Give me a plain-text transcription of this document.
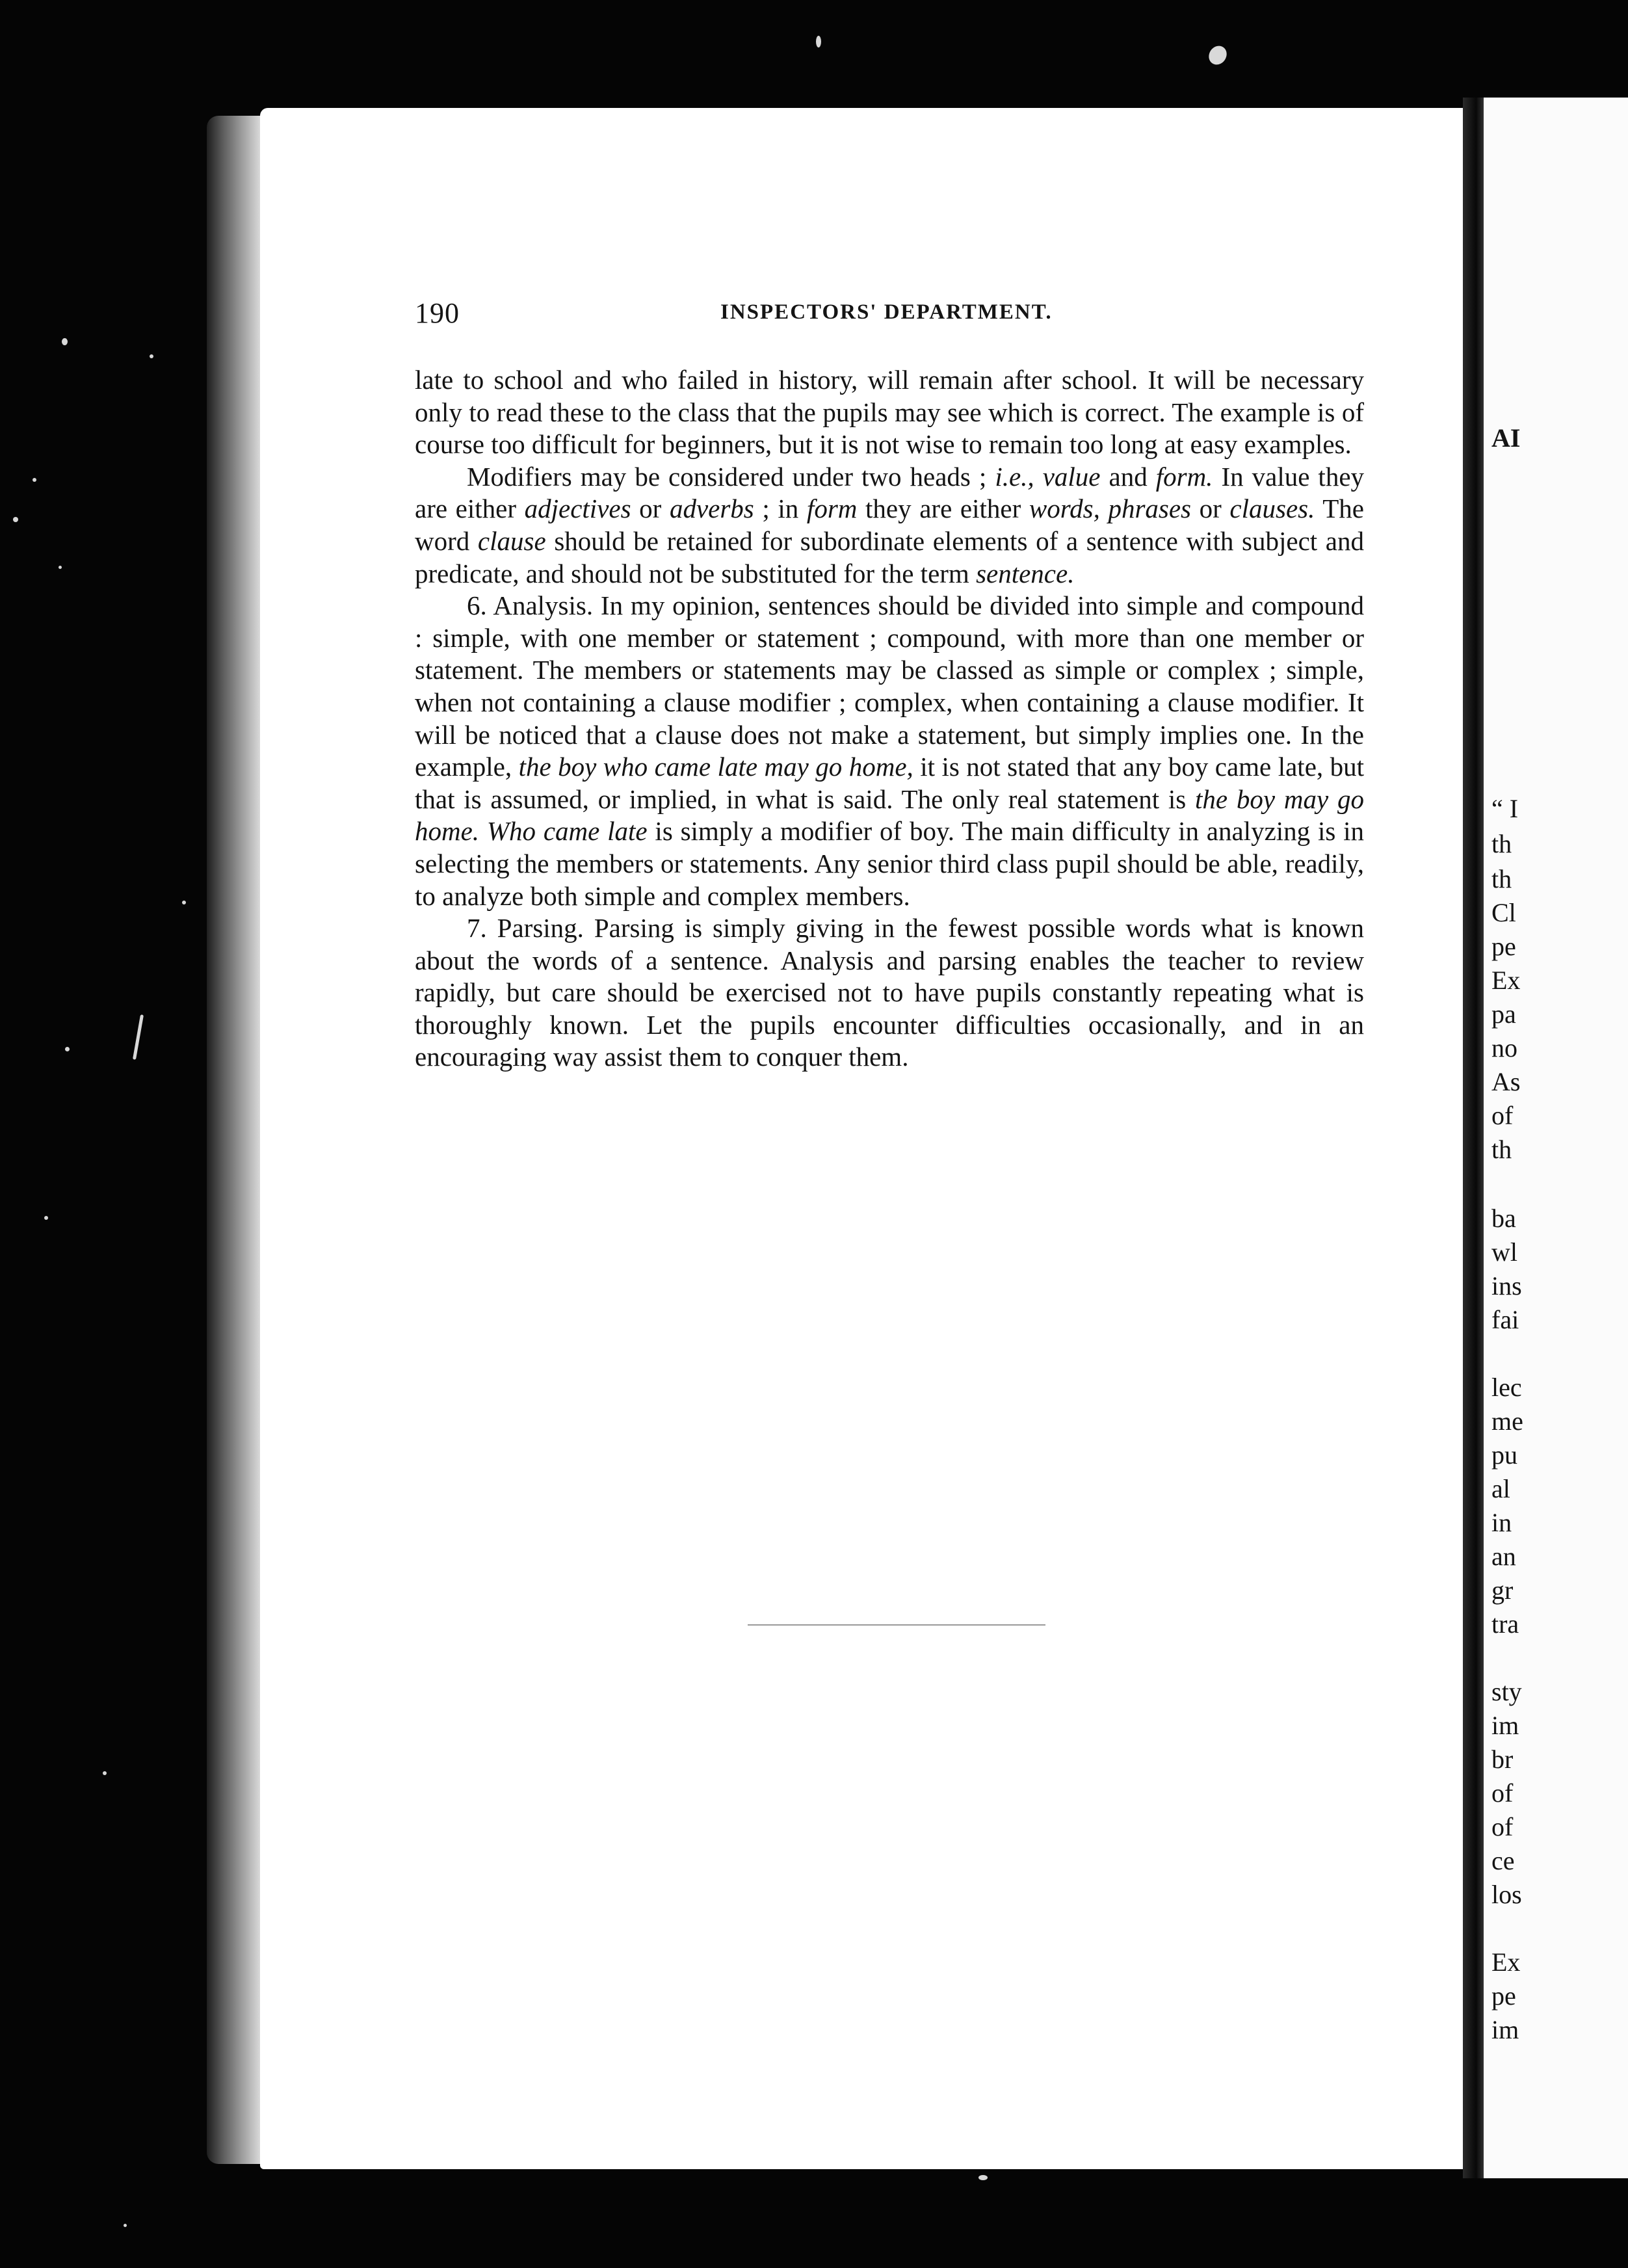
190	INSPECTORS' DEPARTMENT.

late to school and who failed in history, will remain after school. It will be necessary only to read these to the class that the pupils may see which is correct. The example is of course too difficult for beginners, but it is not wise to remain too long at easy examples.

Modifiers may be considered under two heads ; i.e., value and form. In value they are either adjectives or adverbs ; in form they are either words, phrases or clauses. The word clause should be retained for subordinate elements of a sentence with subject and predicate, and should not be substituted for the term sentence.

6. Analysis. In my opinion, sentences should be divided into simple and compound : simple, with one member or statement ; compound, with more than one member or statement. The members or statements may be classed as simple or complex ; simple, when not containing a clause modifier ; complex, when containing a clause modifier. It will be noticed that a clause does not make a statement, but simply implies one. In the example, the boy who came late may go home, it is not stated that any boy came late, but that is assumed, or implied, in what is said. The only real statement is the boy may go home. Who came late is simply a modifier of boy. The main difficulty in analyzing is in selecting the members or statements. Any senior third class pupil should be able, readily, to analyze both simple and complex members.

7. Parsing. Parsing is simply giving in the fewest possible words what is known about the words of a sentence. Analysis and parsing enables the teacher to review rapidly, but care should be exercised not to have pupils constantly repeating what is thoroughly known. Let the pupils encounter difficulties occasionally, and in an encouraging way assist them to conquer them.

AI
“ I
th
th
Cl
pe
Ex
pa
no
As
of
th
ba
wl
ins
fai
lec
me
pu
al
in
an
gr
tra
sty
im
br
of
of
ce
los
Ex
pe
im
